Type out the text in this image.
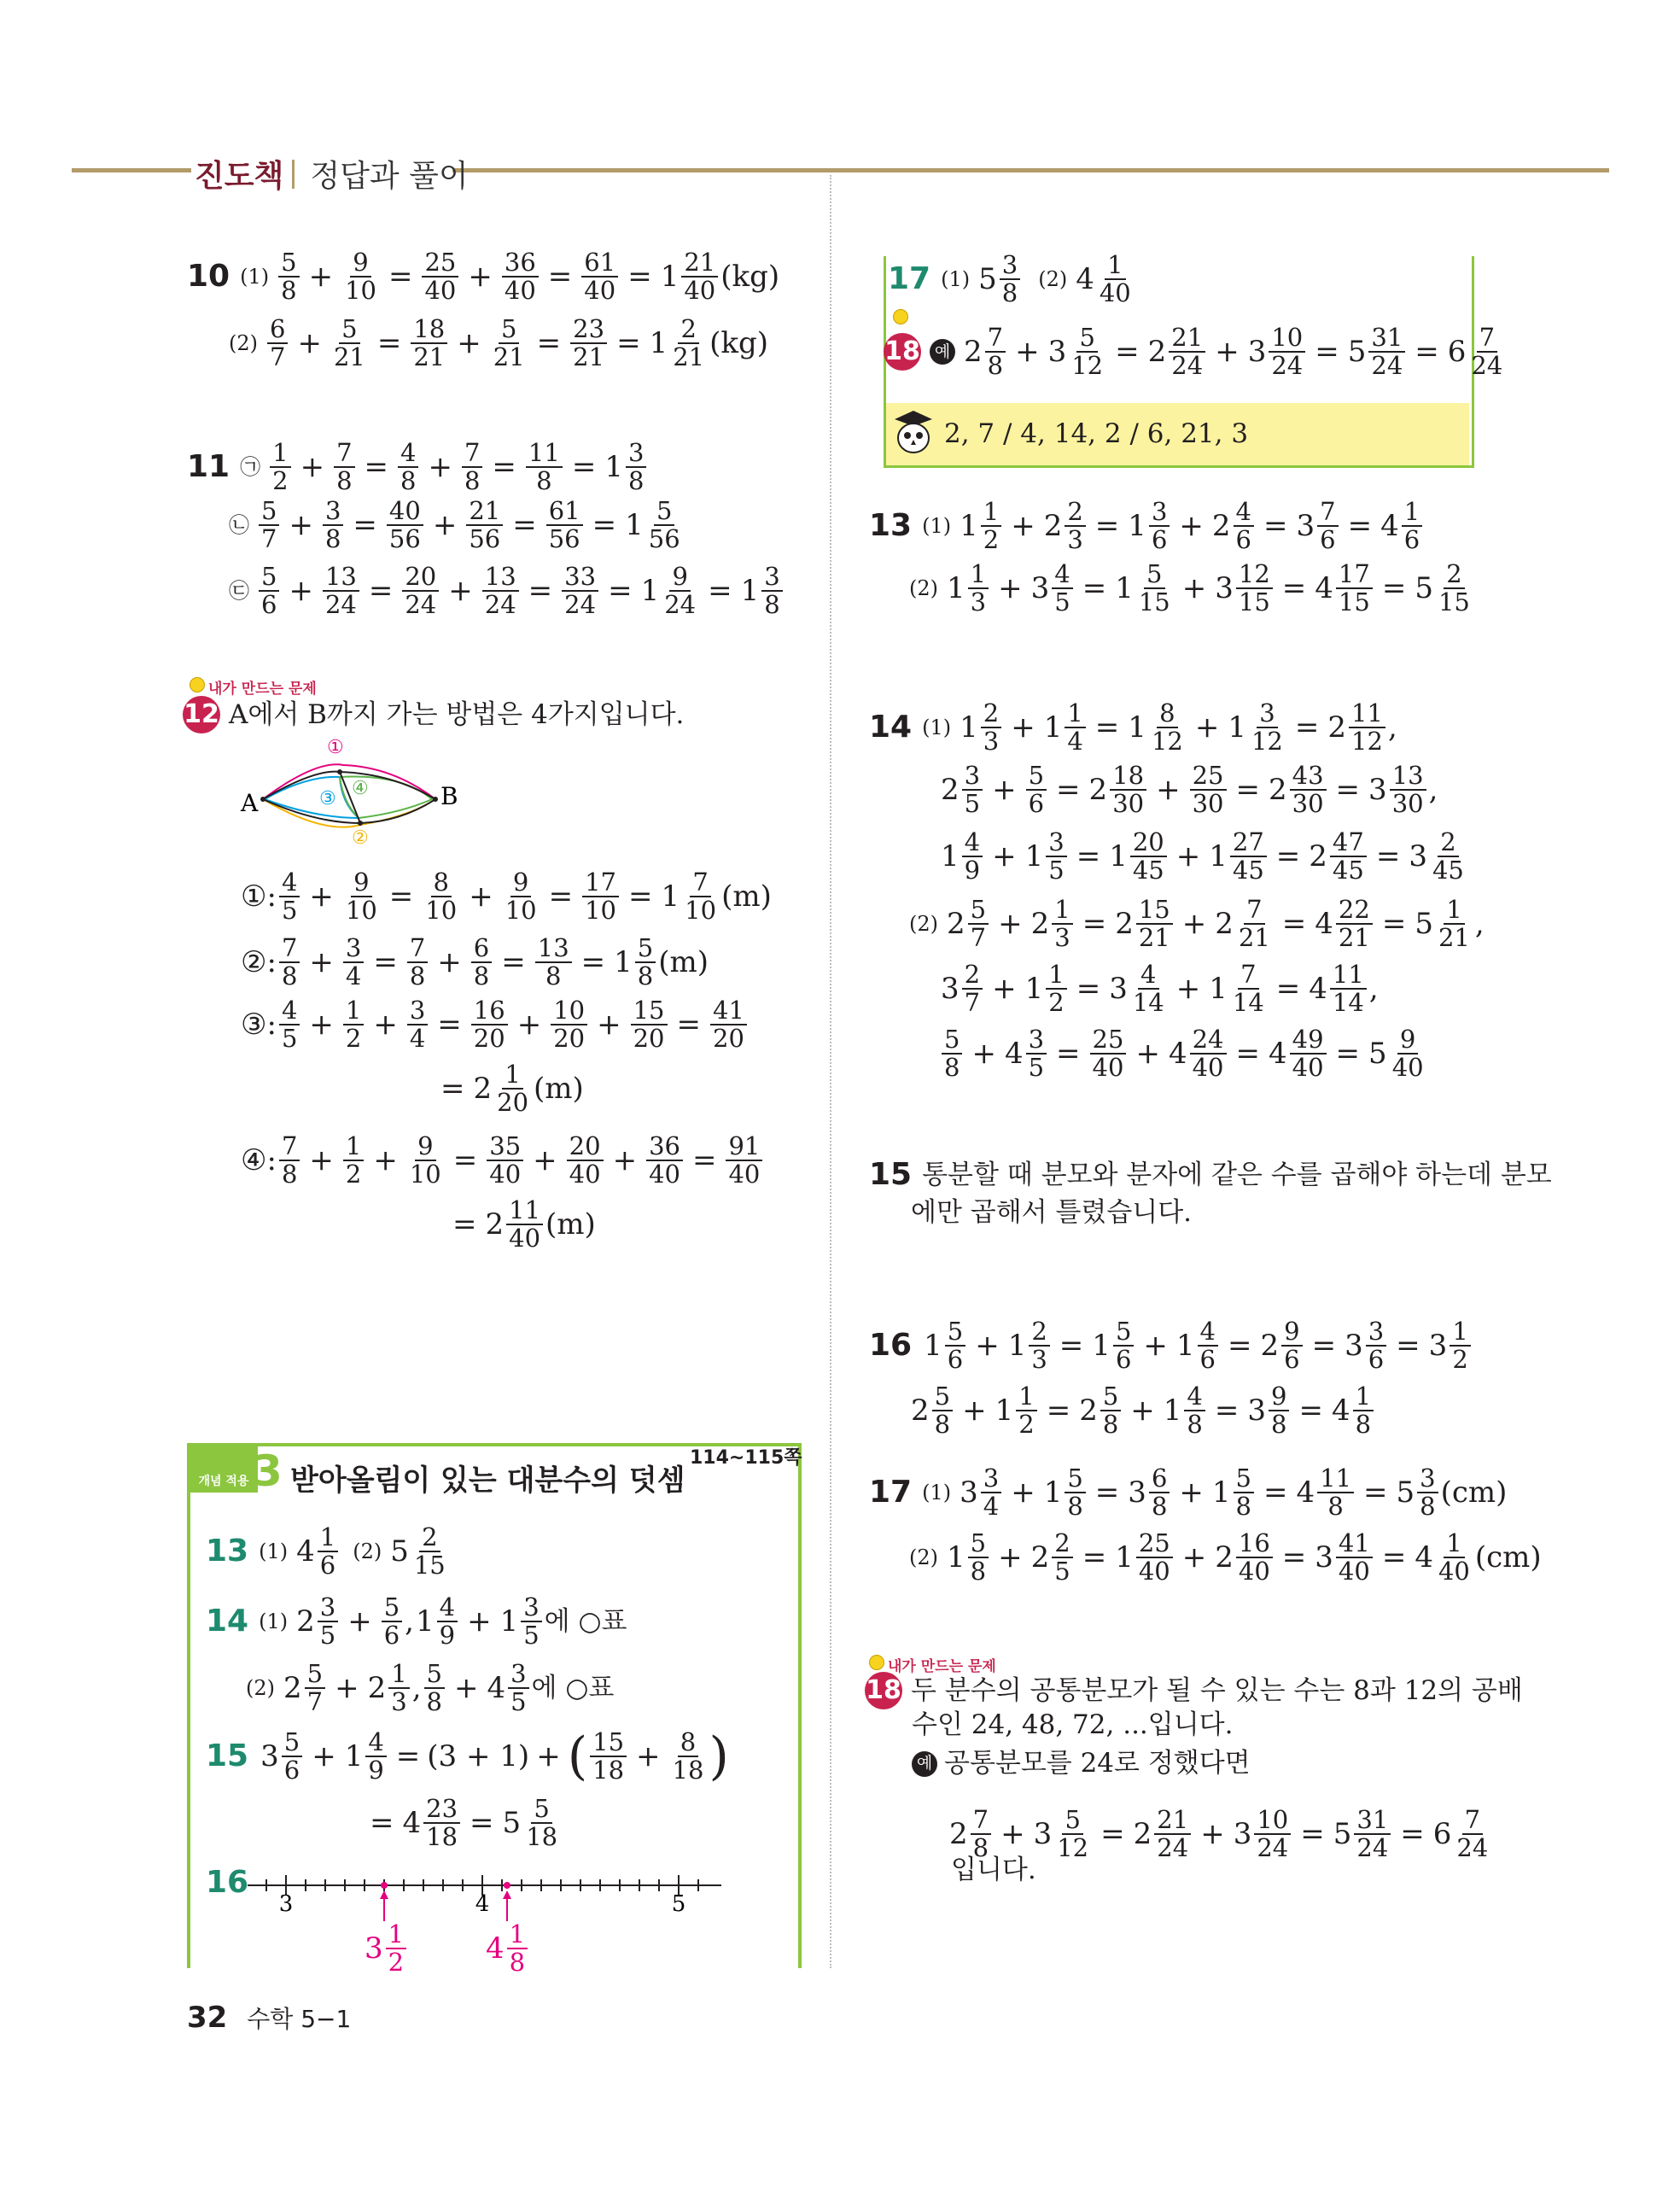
진도책 정답과 풀이
10 (1)
5
$8 + \frac{9}{10} = \frac{25}{40} + \frac{36}{40} = \frac{61}{40} = 1$ 21
40 (kg)
(2)
6
$7 + \frac{5}{21} = \frac{18}{21} + \frac{5}{21} = \frac{23}{21} = 1$ 2
21 (kg)
11 ㉠
1
$2 + \frac{7}{8} = \frac{4}{8} + \frac{7}{8} = \frac{11}{8} = 1$ 3
8
㉡
5
$7 + \frac{3}{8} = \frac{40}{56} + \frac{21}{56} = \frac{61}{56} = 1$ 5
56
㉢
5
$6 + \frac{13}{24} = \frac{20}{24} + \frac{13}{24} = \frac{33}{24} = 1 \frac{9}{24} = 1$ 3
8
내가 만드는 문제
12 A에서 B까지 가는 방법은 4가지입니다.
A	B
①
②
③ ④
①: 4
$5 + \frac{9}{10} = \frac{8}{10} + \frac{9}{10} = \frac{17}{10} = 1$ 7
10 (m)
②: 7
$8 + \frac{3}{4} = \frac{7}{8} + \frac{6}{8} = \frac{13}{8} = 1$ 5
8 (m)
③: 4
$5 + \frac{1}{2} + \frac{3}{4} = \frac{16}{20} + \frac{10}{20} + \frac{15}{20} = \frac{41}{20}$
= 2 1
20 (m)
④: 7
$8 + \frac{1}{2} + \frac{9}{10} = \frac{35}{40} + \frac{20}{40} + \frac{36}{40} = \frac{91}{40}$
= 2 11
40 (m)
개념 적용 3 받아올림이 있는 대분수의 덧셈
114~115쪽
13 (1) 4 1
6 (2) 5 2
15
14 (1) 2 3
$5 + \frac{5}{6}$ , 1 4
9 + 1 3
5 에 ○표
(2) 2 5
7 + 2 1
3 , 5
8 + 4 3
5 에 ○표
15 3 5
$6 + 1 \frac{4}{9} = (3 + 1)$ + ( 15
$18 + \frac{8}{18}$ )
= $4 \frac{23}{18} = 5$ 5
18
16
3	4	5
3 1
2	4 1
8
17 (1) 5 3
8 (2) 4 1
40
18 예 2 7
$8 + 3 \frac{5}{12} = 2$ 21
$24 + 3 \frac{10}{24} = 5 \frac{31}{24} = 6$ 7
24
2, 7 / 4, 14, 2 / 6, 21, 3
13 (1) 1 1
$2 + 2 \frac{2}{3} = 1$ 3
$6 + 2 \frac{4}{6} = 3 \frac{7}{6} = 4$ 1
6
(2) 1 1
$3 + 3 \frac{4}{5} = 1$ 5
$15 + 3 \frac{12}{15} = 4 \frac{17}{15} = 5$ 2
15
14 (1) 1 2
$3 + 1 \frac{1}{4} = 1$ 8
$12 + 1 \frac{3}{12} = 2$ 11
12 ,
2 3
$5 + \frac{5}{6} = 2$ 18
$30 + \frac{25}{30} = 2 \frac{43}{30} = 3$ 13
30 ,
1 4
$9 + 1 \frac{3}{5} = 1$ 20
$45 + 1 \frac{27}{45} = 2 \frac{47}{45} = 3$ 2
45
(2) 2 5
$7 + 2 \frac{1}{3} = 2$ 15
$21 + 2 \frac{7}{21} = 4 \frac{22}{21} = 5$ 1
21 ,
3 2
$7 + 1 \frac{1}{2} = 3$ 4
$14 + 1 \frac{7}{14} = 4$ 11
14 ,
5
$8 + 4 \frac{3}{5} = \frac{25}{40} + 4 \frac{24}{40} = 4 \frac{49}{40} = 5$ 9
40
15 통분할 때 분모와 분자에 같은 수를 곱해야 하는데 분모
에만 곱해서 틀렸습니다.
16 1 5
$6 + 1 \frac{2}{3} = 1$ 5
$6 + 1 \frac{4}{6} = 2 \frac{9}{6} = 3 \frac{3}{6} = 3$ 1
2
2 5
$8 + 1 \frac{1}{2} = 2$ 5
$8 + 1 \frac{4}{8} = 3 \frac{9}{8} = 4$ 1
8
17 (1) 3 3
$4 + 1 \frac{5}{8} = 3$ 6
$8 + 1 \frac{5}{8} = 4 \frac{11}{8} = 5$ 3
8 (cm)
(2) 1 5
$8 + 2 \frac{2}{5} = 1$ 25
$40 + 2 \frac{16}{40} = 3 \frac{41}{40} = 4$ 1
40 (cm)
내가 만드는 문제
18 두 분수의 공통분모가 될 수 있는 수는 8과 12의 공배
수인 24, 48, 72, ...입니다.
예 공통분모를 24로 정했다면
2 7
$8 + 3 \frac{5}{12} = 2$ 21
$24 + 3 \frac{10}{24} = 5 \frac{31}{24} = 6$ 7
24
입니다.
32 수학 5−1
